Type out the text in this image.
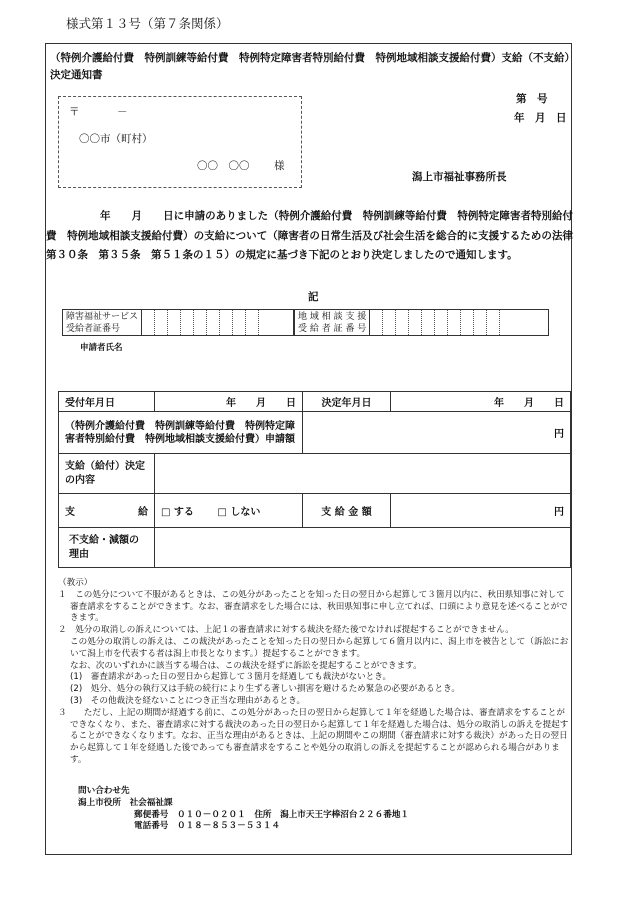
様式第１３号（第７条関係）
（特例介護給付費　特例訓練等給付費　特例特定障害者特別給付費　特例地域相談支援給付費）支給（不支給）決定通知書
〒	－
〇〇市（町村）
〇〇　〇〇 様
第　号
年　月　日
潟上市福祉事務所長
年　　月　　日に申請のありました（特例介護給付費　特例訓練等給付費　特例特定障害者特別給付費　特例地域相談支援給付費）の支給について（障害者の日常生活及び社会生活を総合的に支援するための法律第３０条　第３５条　第５１条の１５）の規定に基づき下記のとおり決定しましたので通知します。
記
障害福祉サービス
受給者証番号
地 域 相 談 支 援
受 給 者 証 番 号
申請者氏名
受付年月日	年　　月　　日	決定年月日	年　　月　　日
（特例介護給付費　特例訓練等給付費　特例特定障害者特別給付費　特例地域相談支援給付費）申請額		円	
支給（給付）決定の内容			
支　給	□ する　　 □ しない	支 給 金 額	円
不支給・減額の理由			

（教示）

１　この処分について不服があるときは、この処分があったことを知った日の翌日から起算して３箇月以内に、秋田県知事に対して審査請求をすることができます。なお、審査請求をした場合には、秋田県知事に申し立てれば、口頭により意見を述べることができます。

２　処分の取消しの訴えについては、上記１の審査請求に対する裁決を経た後でなければ提起することができません。

この処分の取消しの訴えは、この裁決があったことを知った日の翌日から起算して６箇月以内に、潟上市を被告として（訴訟において潟上市を代表する者は潟上市長となります。）提起することができます。

なお、次のいずれかに該当する場合は、この裁決を経ずに訴訟を提起することができます。

(1)　審査請求があった日の翌日から起算して３箇月を経過しても裁決がないとき。

(2)　処分、処分の執行又は手続の続行により生ずる著しい損害を避けるため緊急の必要があるとき。

(3)　その他裁決を経ないことにつき正当な理由があるとき。

３　　ただし、上記の期間が経過する前に、この処分があった日の翌日から起算して１年を経過した場合は、審査請求をすることができなくなり、また、審査請求に対する裁決のあった日の翌日から起算して１年を経過した場合は、処分の取消しの訴えを提起することができなくなります。なお、正当な理由があるときは、上記の期間やこの期間（審査請求に対する裁決）があった日の翌日から起算して１年を経過した後であっても審査請求をすることや処分の取消しの訴えを提起することが認められる場合があります。

問い合わせ先
潟上市役所　社会福祉課
郵便番号　０１０－０２０１　住所　潟上市天王字棒沼台２２６番地１
電話番号　０１８－８５３－５３１４
